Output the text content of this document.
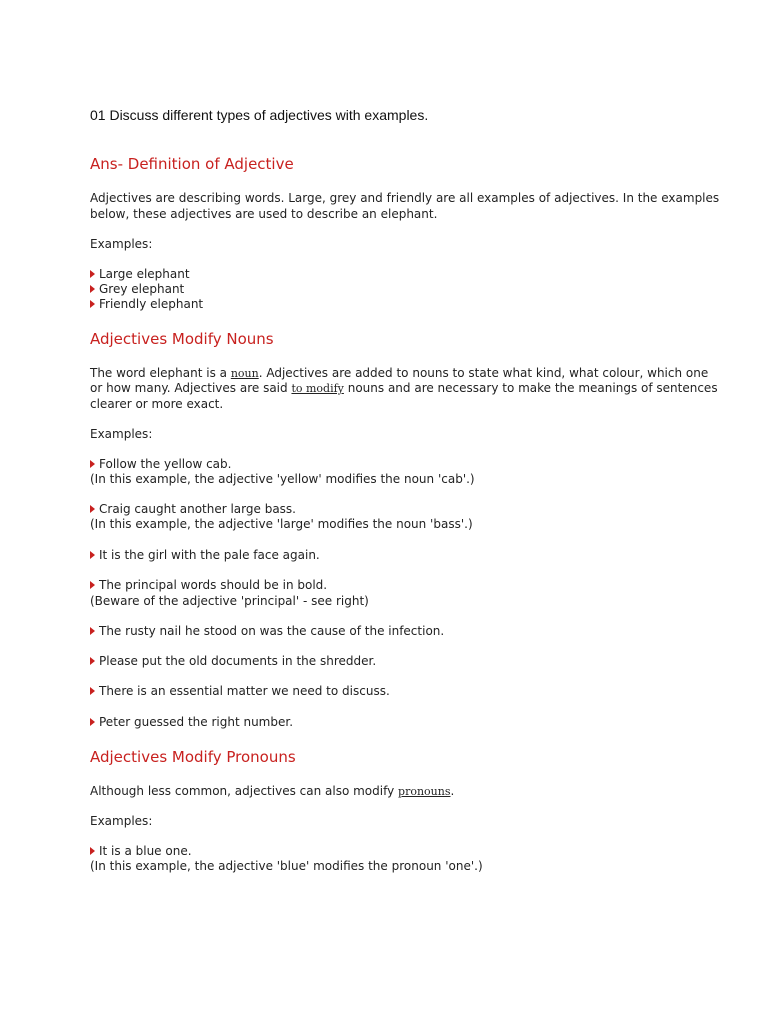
01 Discuss different types of adjectives with examples.
Ans- Definition of Adjective
Adjectives are describing words. Large, grey and friendly are all examples of adjectives. In the examples
below, these adjectives are used to describe an elephant.
Examples:
Large elephant
Grey elephant
Friendly elephant
Adjectives Modify Nouns
The word elephant is a noun. Adjectives are added to nouns to state what kind, what colour, which one
or how many. Adjectives are said to modify nouns and are necessary to make the meanings of sentences
clearer or more exact.
Examples:
Follow the yellow cab.
(In this example, the adjective 'yellow' modifies the noun 'cab'.)
Craig caught another large bass.
(In this example, the adjective 'large' modifies the noun 'bass'.)
It is the girl with the pale face again.
The principal words should be in bold.
(Beware of the adjective 'principal' - see right)
The rusty nail he stood on was the cause of the infection.
Please put the old documents in the shredder.
There is an essential matter we need to discuss.
Peter guessed the right number.
Adjectives Modify Pronouns
Although less common, adjectives can also modify pronouns.
Examples:
It is a blue one.
(In this example, the adjective 'blue' modifies the pronoun 'one'.)
